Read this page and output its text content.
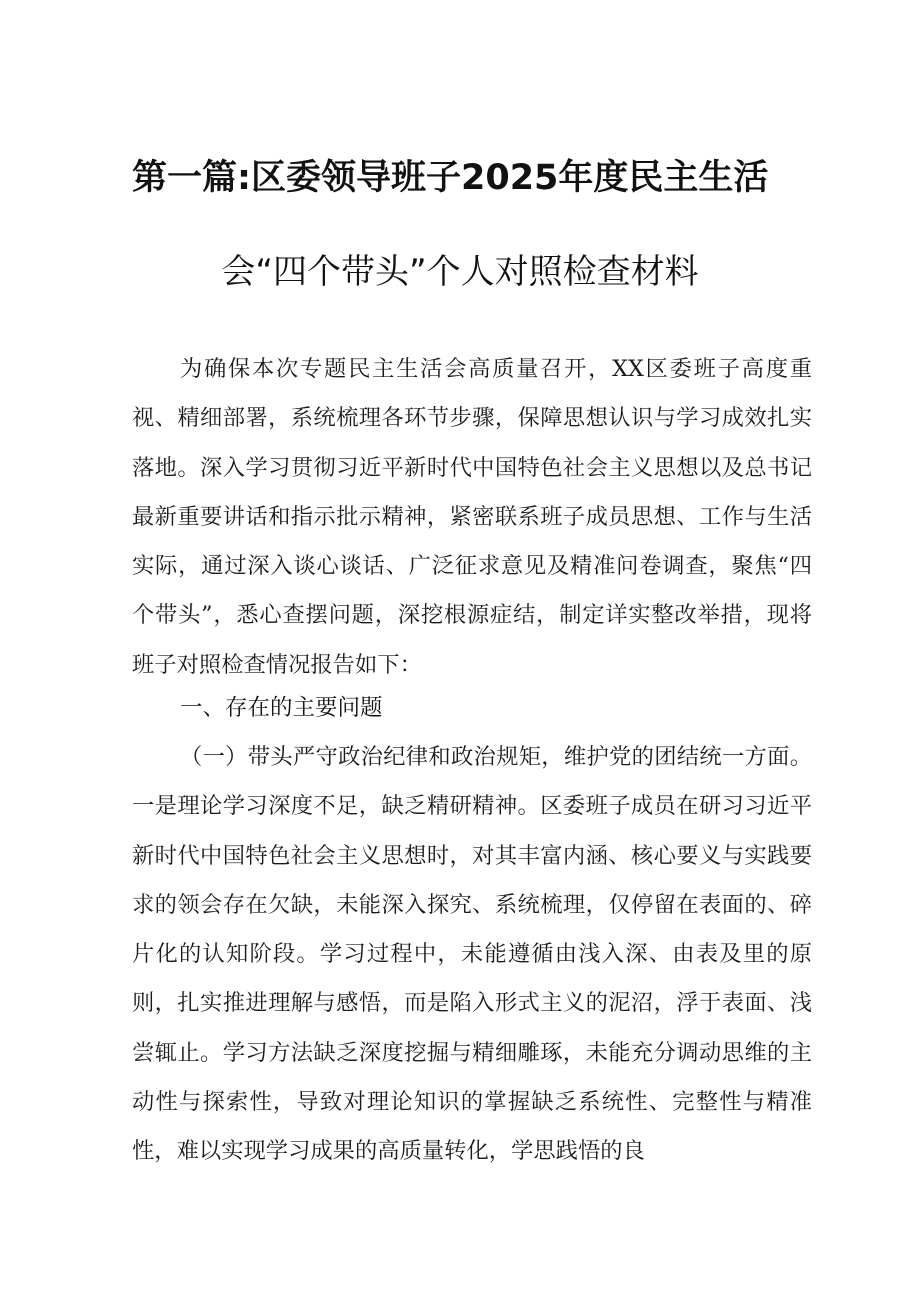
第一篇:区委领导班子2025年度民主生活
会“四个带头”个人对照检查材料

为确保本次专题民主生活会高质量召开，XX区委班子高度重视、精细部署，系统梳理各环节步骤，保障思想认识与学习成效扎实落地。深入学习贯彻习近平新时代中国特色社会主义思想以及总书记最新重要讲话和指示批示精神，紧密联系班子成员思想、工作与生活实际，通过深入谈心谈话、广泛征求意见及精准问卷调查，聚焦“四个带头”，悉心查摆问题，深挖根源症结，制定详实整改举措，现将班子对照检查情况报告如下：

一、存在的主要问题

（一）带头严守政治纪律和政治规矩，维护党的团结统一方面。一是理论学习深度不足，缺乏精研精神。区委班子成员在研习习近平新时代中国特色社会主义思想时，对其丰富内涵、核心要义与实践要求的领会存在欠缺，未能深入探究、系统梳理，仅停留在表面的、碎片化的认知阶段。学习过程中，未能遵循由浅入深、由表及里的原则，扎实推进理解与感悟，而是陷入形式主义的泥沼，浮于表面、浅尝辄止。学习方法缺乏深度挖掘与精细雕琢，未能充分调动思维的主动性与探索性，导致对理论知识的掌握缺乏系统性、完整性与精准性，难以实现学习成果的高质量转化，学思践悟的良
